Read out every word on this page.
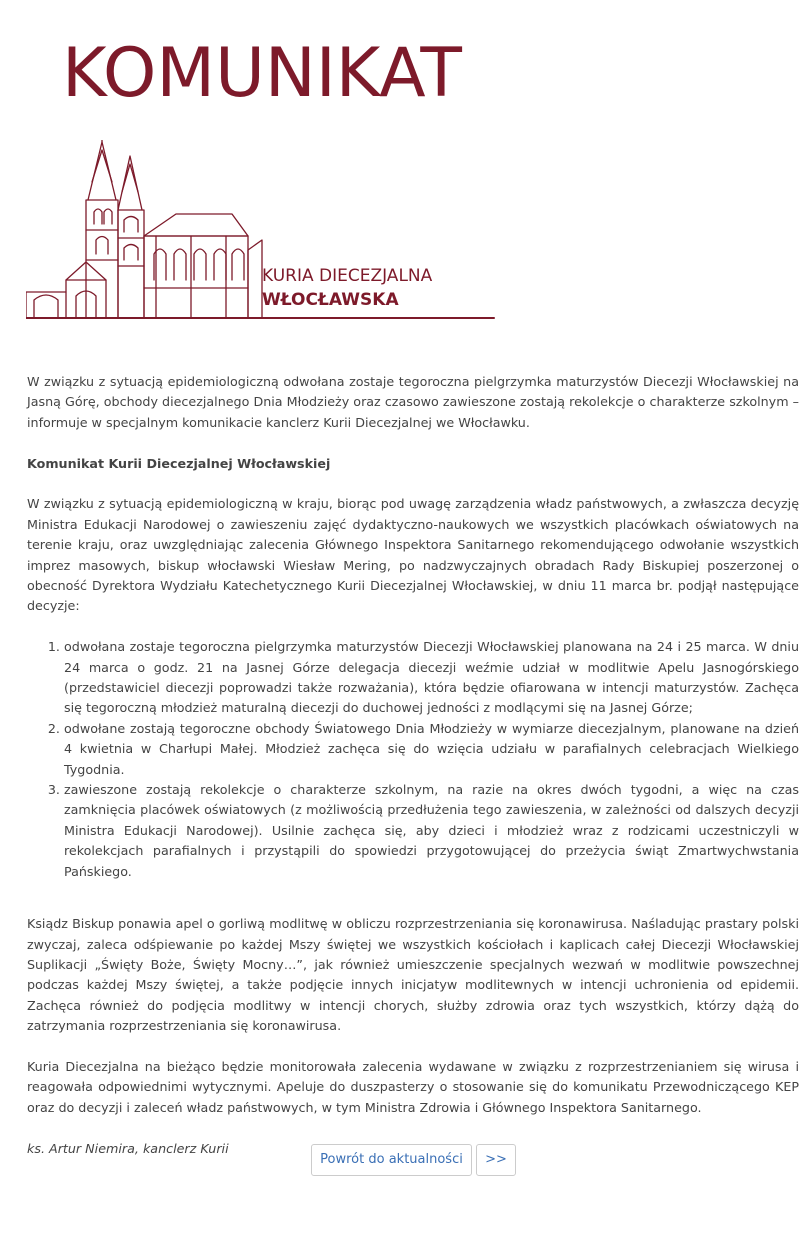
KOMUNIKAT
KURIA DIECEZJALNA
WŁOCŁAWSKA

W związku z sytuacją epidemiologiczną odwołana zostaje tegoroczna pielgrzymka maturzystów Diecezji Włocławskiej na Jasną Górę, obchody diecezjalnego Dnia Młodzieży oraz czasowo zawieszone zostają rekolekcje o charakterze szkolnym – informuje w specjalnym komunikacie kanclerz Kurii Diecezjalnej we Włocławku.

Komunikat Kurii Diecezjalnej Włocławskiej

W związku z sytuacją epidemiologiczną w kraju, biorąc pod uwagę zarządzenia władz państwowych, a zwłaszcza decyzję Ministra Edukacji Narodowej o zawieszeniu zajęć dydaktyczno-naukowych we wszystkich placówkach oświatowych na terenie kraju, oraz uwzględniając zalecenia Głównego Inspektora Sanitarnego rekomendującego odwołanie wszystkich imprez masowych, biskup włocławski Wiesław Mering, po nadzwyczajnych obradach Rady Biskupiej poszerzonej o obecność Dyrektora Wydziału Katechetycznego Kurii Diecezjalnej Włocławskiej, w dniu 11 marca br. podjął następujące decyzje:

1. odwołana zostaje tegoroczna pielgrzymka maturzystów Diecezji Włocławskiej planowana na 24 i 25 marca. W dniu 24 marca o godz. 21 na Jasnej Górze delegacja diecezji weźmie udział w modlitwie Apelu Jasnogórskiego (przedstawiciel diecezji poprowadzi także rozważania), która będzie ofiarowana w intencji maturzystów. Zachęca się tegoroczną młodzież maturalną diecezji do duchowej jedności z modlącymi się na Jasnej Górze;
2. odwołane zostają tegoroczne obchody Światowego Dnia Młodzieży w wymiarze diecezjalnym, planowane na dzień 4 kwietnia w Charłupi Małej. Młodzież zachęca się do wzięcia udziału w parafialnych celebracjach Wielkiego Tygodnia.
3. zawieszone zostają rekolekcje o charakterze szkolnym, na razie na okres dwóch tygodni, a więc na czas zamknięcia placówek oświatowych (z możliwością przedłużenia tego zawieszenia, w zależności od dalszych decyzji Ministra Edukacji Narodowej). Usilnie zachęca się, aby dzieci i młodzież wraz z rodzicami uczestniczyli w rekolekcjach parafialnych i przystąpili do spowiedzi przygotowującej do przeżycia świąt Zmartwychwstania Pańskiego.

Ksiądz Biskup ponawia apel o gorliwą modlitwę w obliczu rozprzestrzeniania się koronawirusa. Naśladując prastary polski zwyczaj, zaleca odśpiewanie po każdej Mszy świętej we wszystkich kościołach i kaplicach całej Diecezji Włocławskiej Suplikacji „Święty Boże, Święty Mocny…”, jak również umieszczenie specjalnych wezwań w modlitwie powszechnej podczas każdej Mszy świętej, a także podjęcie innych inicjatyw modlitewnych w intencji uchronienia od epidemii. Zachęca również do podjęcia modlitwy w intencji chorych, służby zdrowia oraz tych wszystkich, którzy dążą do zatrzymania rozprzestrzeniania się koronawirusa.

Kuria Diecezjalna na bieżąco będzie monitorowała zalecenia wydawane w związku z rozprzestrzenianiem się wirusa i reagowała odpowiednimi wytycznymi. Apeluje do duszpasterzy o stosowanie się do komunikatu Przewodniczącego KEP oraz do decyzji i zaleceń władz państwowych, w tym Ministra Zdrowia i Głównego Inspektora Sanitarnego.

ks. Artur Niemira, kanclerz Kurii

Powrót do aktualności	>>
